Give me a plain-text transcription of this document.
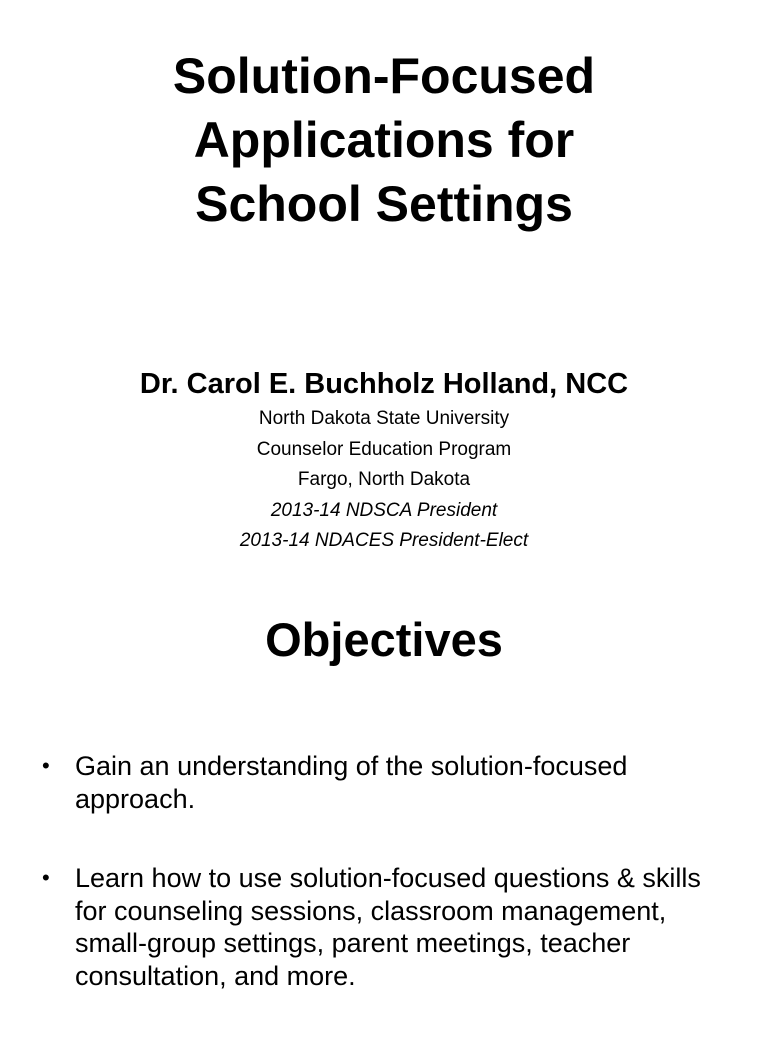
Solution-Focused
Applications for
School Settings

Dr. Carol E. Buchholz Holland, NCC

North Dakota State University

Counselor Education Program

Fargo, North Dakota

2013-14 NDSCA President

2013-14 NDACES President-Elect

Objectives
• Gain an understanding of the solution-focused approach.
• Learn how to use solution-focused questions & skills for counseling sessions, classroom management, small-group settings, parent meetings, teacher consultation, and more.
